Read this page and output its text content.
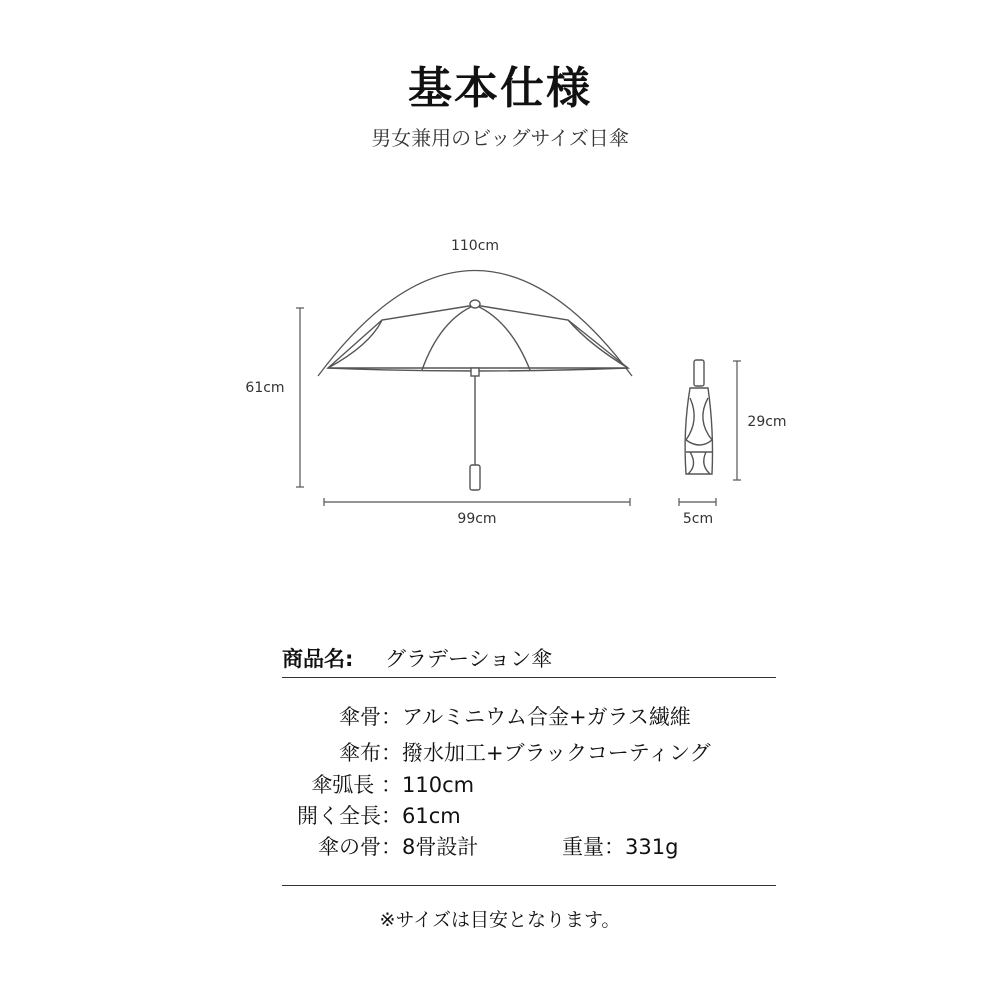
基本仕様
男女兼用のビッグサイズ日傘
110cm
61cm
99cm
29cm
5cm
商品名: グラデーション傘
傘骨： アルミニウム合金+ガラス繊維
傘布： 撥水加工+ブラックコーティング
傘弧長 ： 110cm
開く全長： 61cm
傘の骨： 8骨設計	重量：331g
※サイズは目安となります。
